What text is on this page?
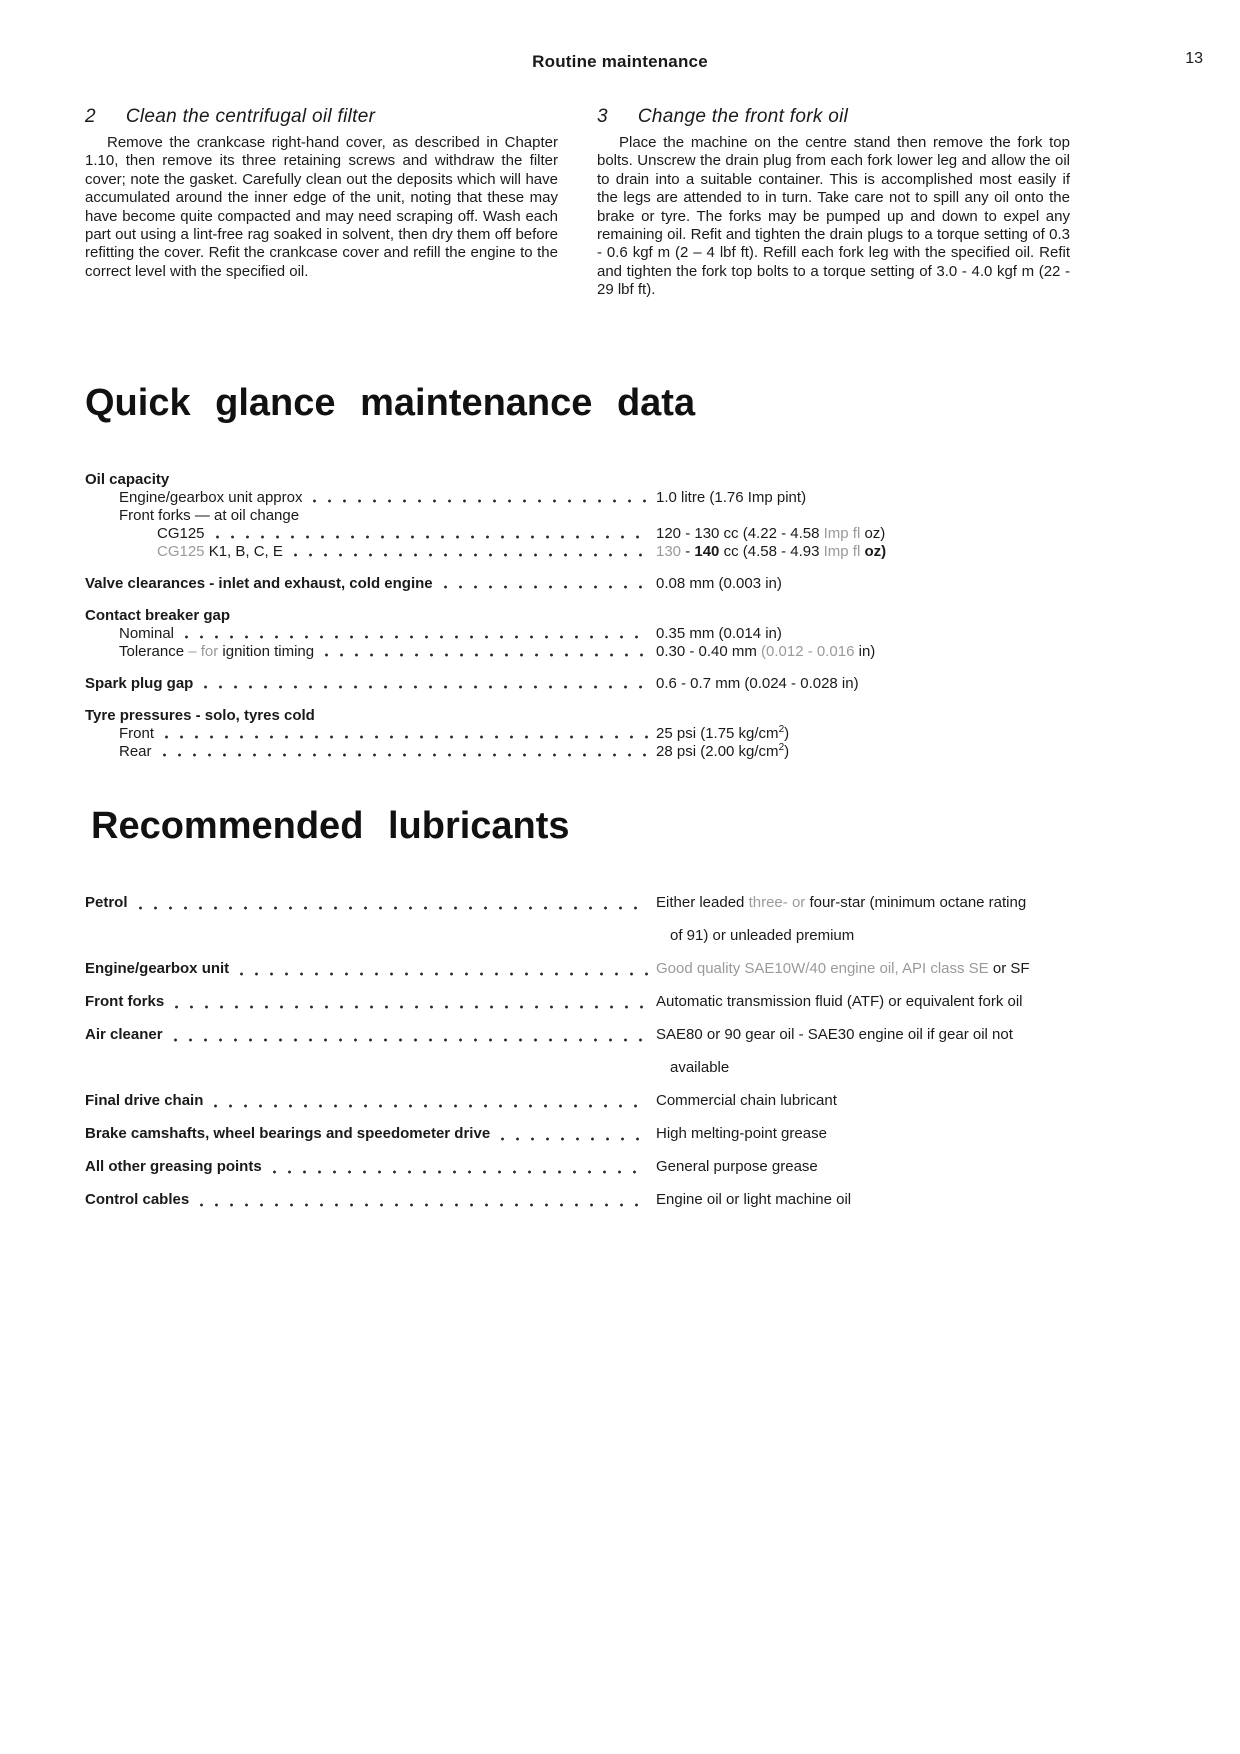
Routine maintenance	13
2 Clean the centrifugal oil filter

Remove the crankcase right-hand cover, as described in Chapter 1.10, then remove its three retaining screws and withdraw the filter cover; note the gasket. Carefully clean out the deposits which will have accumulated around the inner edge of the unit, noting that these may have become quite compacted and may need scraping off. Wash each part out using a lint-free rag soaked in solvent, then dry them off before refitting the cover. Refit the crankcase cover and refill the engine to the correct level with the specified oil.

3 Change the front fork oil

Place the machine on the centre stand then remove the fork top bolts. Unscrew the drain plug from each fork lower leg and allow the oil to drain into a suitable container. This is accomplished most easily if the legs are attended to in turn. Take care not to spill any oil onto the brake or tyre. The forks may be pumped up and down to expel any remaining oil. Refit and tighten the drain plugs to a torque setting of 0.3 - 0.6 kgf m (2 – 4 lbf ft). Refill each fork leg with the specified oil. Refit and tighten the fork top bolts to a torque setting of 3.0 - 4.0 kgf m (22 - 29 lbf ft).

Quick glance maintenance data
Oil capacity
Engine/gearbox unit approx	1.0 litre (1.76 Imp pint)
Front forks — at oil change
CG125	120 - 130 cc (4.22 - 4.58 Imp fl oz)
CG125 K1, B, C, E	130 - 140 cc (4.58 - 4.93 Imp fl oz)
Valve clearances - inlet and exhaust, cold engine	0.08 mm (0.003 in)
Contact breaker gap
Nominal	0.35 mm (0.014 in)
Tolerance – for ignition timing	0.30 - 0.40 mm (0.012 - 0.016 in)
Spark plug gap	0.6 - 0.7 mm (0.024 - 0.028 in)
Tyre pressures - solo, tyres cold
Front	25 psi (1.75 $kg/cm^2$)
Rear	28 psi (2.00 $kg/cm^2$)
Recommended lubricants
Petrol	Either leaded three- or four-star (minimum octane rating
of 91) or unleaded premium
Engine/gearbox unit	Good quality SAE10W/40 engine oil, API class SE or SF
Front forks	Automatic transmission fluid (ATF) or equivalent fork oil
Air cleaner	SAE80 or 90 gear oil - SAE30 engine oil if gear oil not
available
Final drive chain	Commercial chain lubricant
Brake camshafts, wheel bearings and speedometer drive	High melting-point grease
All other greasing points	General purpose grease
Control cables	Engine oil or light machine oil
